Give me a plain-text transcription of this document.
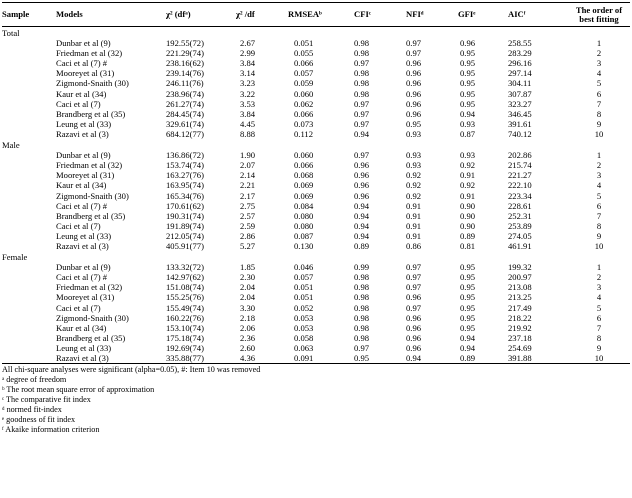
Sample	Models	χ² (dfᵃ)	χ² /df	RMSEAᵇ	CFIᶜ	NFIᵈ	GFIᵉ	AICᶠ	The order of best fitting
Total									
	Dunbar et al (9)	192.55(72)	2.67	0.051	0.98	0.97	0.96	258.55	1
	Friedman et al (32)	221.29(74)	2.99	0.055	0.98	0.97	0.95	283.29	2
	Caci et al (7) #	238.16(62)	3.84	0.066	0.97	0.96	0.95	296.16	3
	Mooreyet al (31)	239.14(76)	3.14	0.057	0.98	0.96	0.95	297.14	4
	Zigmond-Snaith (30)	246.11(76)	3.23	0.059	0.98	0.96	0.95	304.11	5
	Kaur et al (34)	238.96(74)	3.22	0.060	0.98	0.96	0.95	307.87	6
	Caci et al (7)	261.27(74)	3.53	0.062	0.97	0.96	0.95	323.27	7
	Brandberg et al (35)	284.45(74)	3.84	0.066	0.97	0.96	0.94	346.45	8
	Leung et al (33)	329.61(74)	4.45	0.073	0.97	0.95	0.93	391.61	9
	Razavi et al (3)	684.12(77)	8.88	0.112	0.94	0.93	0.87	740.12	10
Male									
	Dunbar et al (9)	136.86(72)	1.90	0.060	0.97	0.93	0.93	202.86	1
	Friedman et al (32)	153.74(74)	2.07	0.066	0.96	0.93	0.92	215.74	2
	Mooreyet al (31)	163.27(76)	2.14	0.068	0.96	0.92	0.91	221.27	3
	Kaur et al (34)	163.95(74)	2.21	0.069	0.96	0.92	0.92	222.10	4
	Zigmond-Snaith (30)	165.34(76)	2.17	0.069	0.96	0.92	0.91	223.34	5
	Caci et al (7) #	170.61(62)	2.75	0.084	0.94	0.91	0.90	228.61	6
	Brandberg et al (35)	190.31(74)	2.57	0.080	0.94	0.91	0.90	252.31	7
	Caci et al (7)	191.89(74)	2.59	0.080	0.94	0.91	0.90	253.89	8
	Leung et al (33)	212.05(74)	2.86	0.087	0.94	0.91	0.89	274.05	9
	Razavi et al (3)	405.91(77)	5.27	0.130	0.89	0.86	0.81	461.91	10
Female									
	Dunbar et al (9)	133.32(72)	1.85	0.046	0.99	0.97	0.95	199.32	1
	Caci et al (7) #	142.97(62)	2.30	0.057	0.98	0.97	0.95	200.97	2
	Friedman et al (32)	151.08(74)	2.04	0.051	0.98	0.97	0.95	213.08	3
	Mooreyet al (31)	155.25(76)	2.04	0.051	0.98	0.96	0.95	213.25	4
	Caci et al (7)	155.49(74)	3.30	0.052	0.98	0.97	0.95	217.49	5
	Zigmond-Snaith (30)	160.22(76)	2.18	0.053	0.98	0.96	0.95	218.22	6
	Kaur et al (34)	153.10(74)	2.06	0.053	0.98	0.96	0.95	219.92	7
	Brandberg et al (35)	175.18(74)	2.36	0.058	0.98	0.96	0.94	237.18	8
	Leung et al (33)	192.69(74)	2.60	0.063	0.97	0.96	0.94	254.69	9
	Razavi et al (3)	335.88(77)	4.36	0.091	0.95	0.94	0.89	391.88	10
All chi-square analyses were significant (alpha=0.05), #: Item 10 was removed
ᵃ degree of freedom
ᵇ The root mean square error of approximation
ᶜ The comparative fit index
ᵈ normed fit-index
ᵉ goodness of fit index
ᶠ Akaike information criterion
